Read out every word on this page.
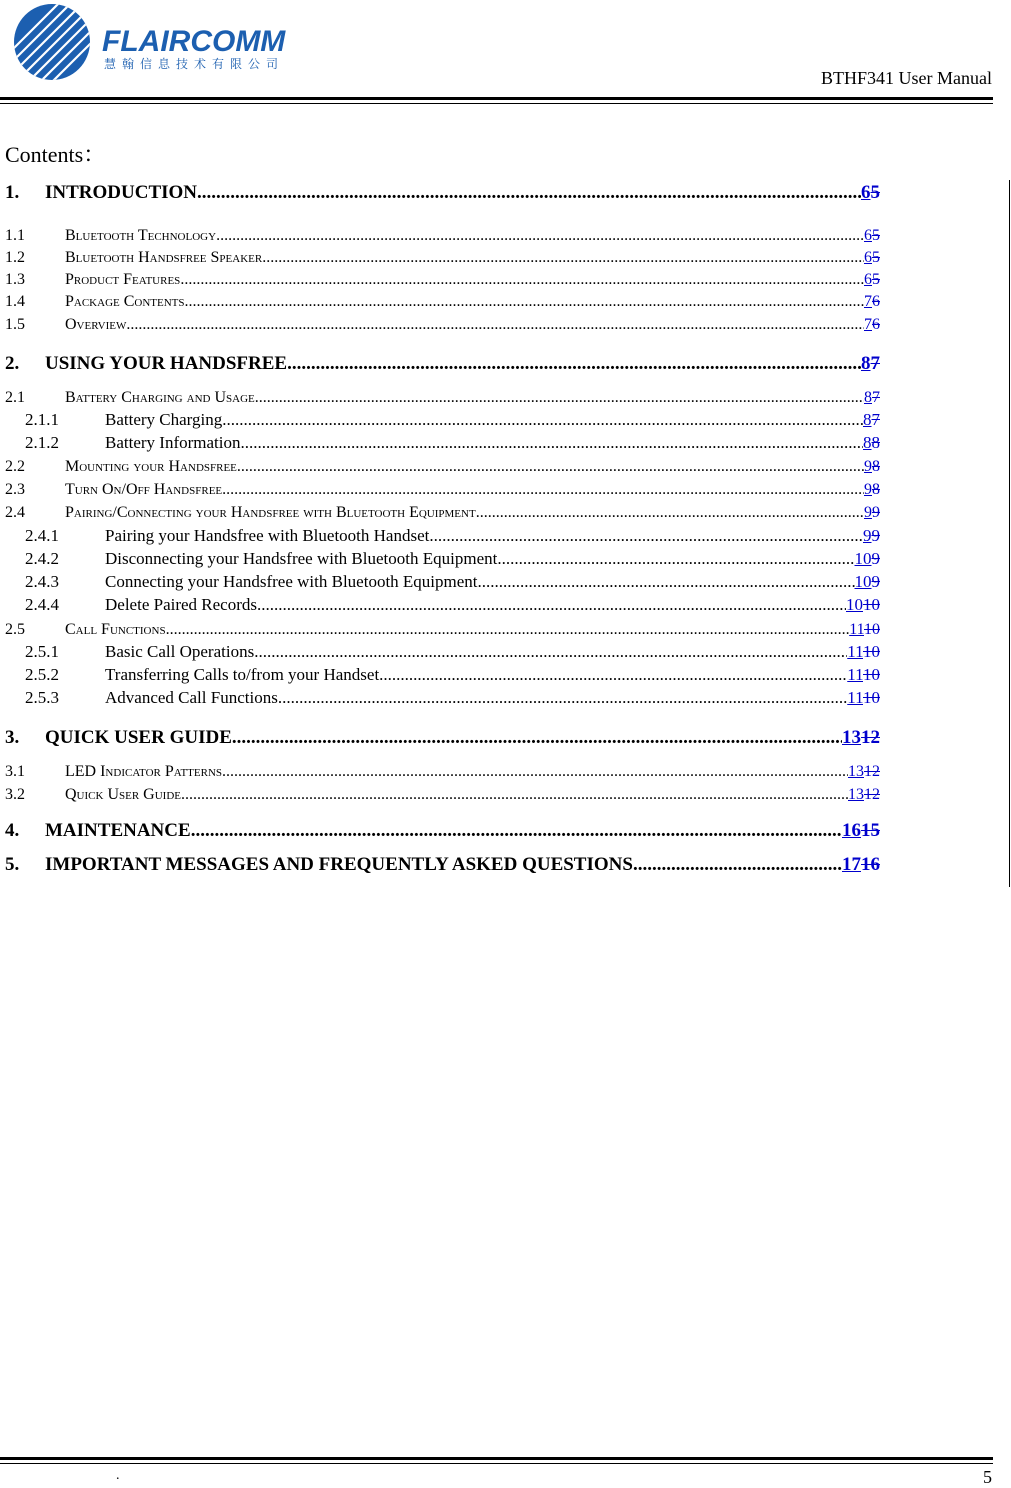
FLAIRCOMM
慧翰信息技术有限公司
BTHF341 User Manual
Contents：
1.	INTRODUCTION .....	65
1.1	Bluetooth Technology .....	65
1.2	Bluetooth Handsfree Speaker .....	65
1.3	Product Features .....	65
1.4	Package Contents .....	76
1.5	Overview .....	76
2.	USING YOUR HANDSFREE .....	87
2.1	Battery Charging and Usage .....	87
2.1.1	Battery Charging .....	87
2.1.2	Battery Information .....	88
2.2	Mounting your Handsfree .....	98
2.3	Turn On/Off Handsfree .....	98
2.4	Pairing/Connecting your Handsfree with Bluetooth Equipment .....	99
2.4.1	Pairing your Handsfree with Bluetooth Handset .....	99
2.4.2	Disconnecting your Handsfree with Bluetooth Equipment .....	109
2.4.3	Connecting your Handsfree with Bluetooth Equipment .....	109
2.4.4	Delete Paired Records .....	1010
2.5	Call Functions .....	1110
2.5.1	Basic Call Operations .....	1110
2.5.2	Transferring Calls to/from your Handset .....	1110
2.5.3	Advanced Call Functions .....	1110
3.	QUICK USER GUIDE .....	1312
3.1	LED Indicator Patterns .....	1312
3.2	Quick User Guide .....	1312
4.	MAINTENANCE .....	1615
5.	IMPORTANT MESSAGES AND FREQUENTLY ASKED QUESTIONS .....	1716
.	5
